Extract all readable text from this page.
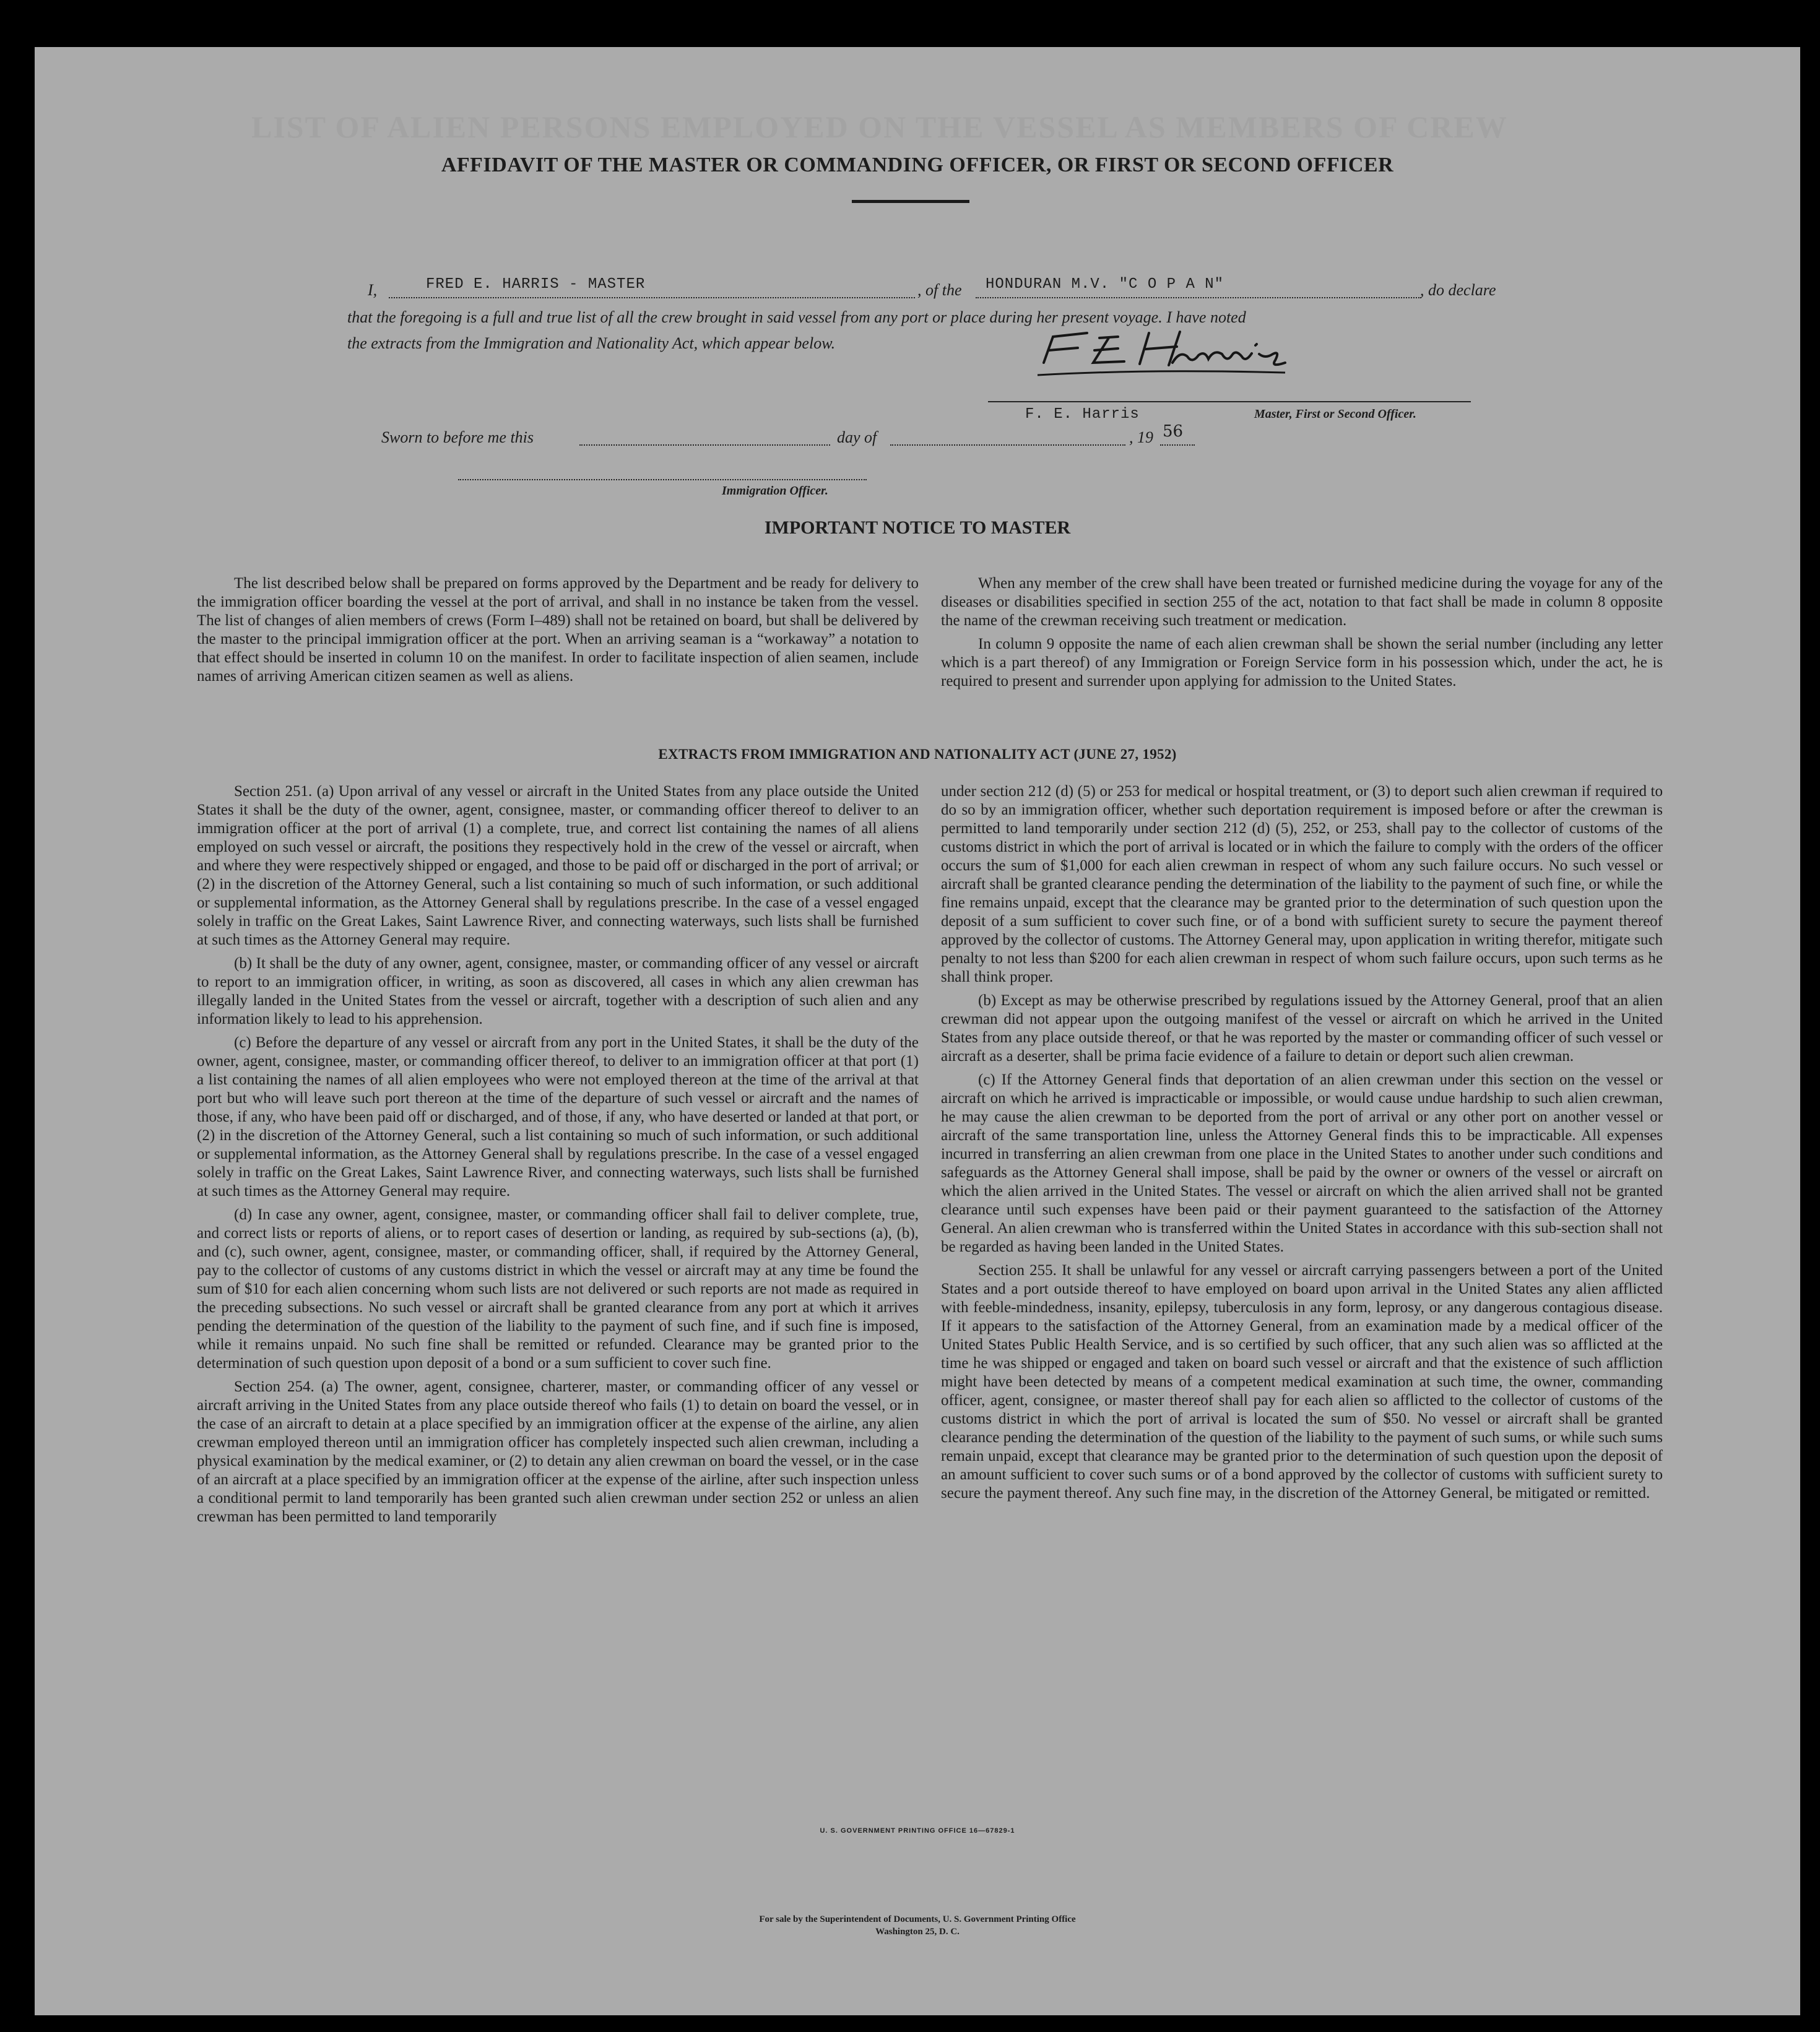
LIST OF ALIEN PERSONS EMPLOYED ON THE VESSEL AS MEMBERS OF CREW
AFFIDAVIT OF THE MASTER OR COMMANDING OFFICER, OR FIRST OR SECOND OFFICER
I,	FRED E. HARRIS - MASTER	, of the HONDURAN M.V. "C O P A N"	, do declare
that the foregoing is a full and true list of all the crew brought in said vessel from any port or place during her present voyage. I have noted
the extracts from the Immigration and Nationality Act, which appear below.
F. E. Harris	Master, First or Second Officer.
Sworn to before me this	day of	, 19 56
Immigration Officer.
IMPORTANT NOTICE TO MASTER

The list described below shall be prepared on forms approved by the Department and be ready for delivery to the immigration officer boarding the vessel at the port of arrival, and shall in no instance be taken from the vessel. The list of changes of alien members of crews (Form I–489) shall not be retained on board, but shall be delivered by the master to the principal immigration officer at the port. When an arriving seaman is a “workaway” a notation to that effect should be inserted in column 10 on the manifest. In order to facilitate inspection of alien seamen, include names of arriving American citizen seamen as well as aliens.

When any member of the crew shall have been treated or furnished medicine during the voyage for any of the diseases or disabilities specified in section 255 of the act, notation to that fact shall be made in column 8 opposite the name of the crewman receiving such treatment or medication.

In column 9 opposite the name of each alien crewman shall be shown the serial number (including any letter which is a part thereof) of any Immigration or Foreign Service form in his possession which, under the act, he is required to present and surrender upon applying for admission to the United States.

EXTRACTS FROM IMMIGRATION AND NATIONALITY ACT (JUNE 27, 1952)

Section 251. (a) Upon arrival of any vessel or aircraft in the United States from any place outside the United States it shall be the duty of the owner, agent, consignee, master, or commanding officer thereof to deliver to an immigration officer at the port of arrival (1) a complete, true, and correct list containing the names of all aliens employed on such vessel or aircraft, the positions they respectively hold in the crew of the vessel or aircraft, when and where they were respectively shipped or engaged, and those to be paid off or discharged in the port of arrival; or (2) in the discretion of the Attorney General, such a list containing so much of such information, or such additional or supplemental information, as the Attorney General shall by regulations prescribe. In the case of a vessel engaged solely in traffic on the Great Lakes, Saint Lawrence River, and connecting waterways, such lists shall be furnished at such times as the Attorney General may require.

(b) It shall be the duty of any owner, agent, consignee, master, or commanding officer of any vessel or aircraft to report to an immigration officer, in writing, as soon as discovered, all cases in which any alien crewman has illegally landed in the United States from the vessel or aircraft, together with a description of such alien and any information likely to lead to his apprehension.

(c) Before the departure of any vessel or aircraft from any port in the United States, it shall be the duty of the owner, agent, consignee, master, or commanding officer thereof, to deliver to an immigration officer at that port (1) a list containing the names of all alien employees who were not employed thereon at the time of the arrival at that port but who will leave such port thereon at the time of the departure of such vessel or aircraft and the names of those, if any, who have been paid off or discharged, and of those, if any, who have deserted or landed at that port, or (2) in the discretion of the Attorney General, such a list containing so much of such information, or such additional or supplemental information, as the Attorney General shall by regulations prescribe. In the case of a vessel engaged solely in traffic on the Great Lakes, Saint Lawrence River, and connecting waterways, such lists shall be furnished at such times as the Attorney General may require.

(d) In case any owner, agent, consignee, master, or commanding officer shall fail to deliver complete, true, and correct lists or reports of aliens, or to report cases of desertion or landing, as required by sub-sections (a), (b), and (c), such owner, agent, consignee, master, or commanding officer, shall, if required by the Attorney General, pay to the collector of customs of any customs district in which the vessel or aircraft may at any time be found the sum of $10 for each alien concerning whom such lists are not delivered or such reports are not made as required in the preceding subsections. No such vessel or aircraft shall be granted clearance from any port at which it arrives pending the determination of the question of the liability to the payment of such fine, and if such fine is imposed, while it remains unpaid. No such fine shall be remitted or refunded. Clearance may be granted prior to the determination of such question upon deposit of a bond or a sum sufficient to cover such fine.

Section 254. (a) The owner, agent, consignee, charterer, master, or commanding officer of any vessel or aircraft arriving in the United States from any place outside thereof who fails (1) to detain on board the vessel, or in the case of an aircraft to detain at a place specified by an immigration officer at the expense of the airline, any alien crewman employed thereon until an immigration officer has completely inspected such alien crewman, including a physical examination by the medical examiner, or (2) to detain any alien crewman on board the vessel, or in the case of an aircraft at a place specified by an immigration officer at the expense of the airline, after such inspection unless a conditional permit to land temporarily has been granted such alien crewman under section 252 or unless an alien crewman has been permitted to land temporarily

under section 212 (d) (5) or 253 for medical or hospital treatment, or (3) to deport such alien crewman if required to do so by an immigration officer, whether such deportation requirement is imposed before or after the crewman is permitted to land temporarily under section 212 (d) (5), 252, or 253, shall pay to the collector of customs of the customs district in which the port of arrival is located or in which the failure to comply with the orders of the officer occurs the sum of $1,000 for each alien crewman in respect of whom any such failure occurs. No such vessel or aircraft shall be granted clearance pending the determination of the liability to the payment of such fine, or while the fine remains unpaid, except that the clearance may be granted prior to the determination of such question upon the deposit of a sum sufficient to cover such fine, or of a bond with sufficient surety to secure the payment thereof approved by the collector of customs. The Attorney General may, upon application in writing therefor, mitigate such penalty to not less than $200 for each alien crewman in respect of whom such failure occurs, upon such terms as he shall think proper.

(b) Except as may be otherwise prescribed by regulations issued by the Attorney General, proof that an alien crewman did not appear upon the outgoing manifest of the vessel or aircraft on which he arrived in the United States from any place outside thereof, or that he was reported by the master or commanding officer of such vessel or aircraft as a deserter, shall be prima facie evidence of a failure to detain or deport such alien crewman.

(c) If the Attorney General finds that deportation of an alien crewman under this section on the vessel or aircraft on which he arrived is impracticable or impossible, or would cause undue hardship to such alien crewman, he may cause the alien crewman to be deported from the port of arrival or any other port on another vessel or aircraft of the same transportation line, unless the Attorney General finds this to be impracticable. All expenses incurred in transferring an alien crewman from one place in the United States to another under such conditions and safeguards as the Attorney General shall impose, shall be paid by the owner or owners of the vessel or aircraft on which the alien arrived in the United States. The vessel or aircraft on which the alien arrived shall not be granted clearance until such expenses have been paid or their payment guaranteed to the satisfaction of the Attorney General. An alien crewman who is transferred within the United States in accordance with this sub-section shall not be regarded as having been landed in the United States.

Section 255. It shall be unlawful for any vessel or aircraft carrying passengers between a port of the United States and a port outside thereof to have employed on board upon arrival in the United States any alien afflicted with feeble-mindedness, insanity, epilepsy, tuberculosis in any form, leprosy, or any dangerous contagious disease. If it appears to the satisfaction of the Attorney General, from an examination made by a medical officer of the United States Public Health Service, and is so certified by such officer, that any such alien was so afflicted at the time he was shipped or engaged and taken on board such vessel or aircraft and that the existence of such affliction might have been detected by means of a competent medical examination at such time, the owner, commanding officer, agent, consignee, or master thereof shall pay for each alien so afflicted to the collector of customs of the customs district in which the port of arrival is located the sum of $50. No vessel or aircraft shall be granted clearance pending the determination of the question of the liability to the payment of such sums, or while such sums remain unpaid, except that clearance may be granted prior to the determination of such question upon the deposit of an amount sufficient to cover such sums or of a bond approved by the collector of customs with sufficient surety to secure the payment thereof. Any such fine may, in the discretion of the Attorney General, be mitigated or remitted.

U. S. GOVERNMENT PRINTING OFFICE 16—67829-1
For sale by the Superintendent of Documents, U. S. Government Printing Office
Washington 25, D. C.
